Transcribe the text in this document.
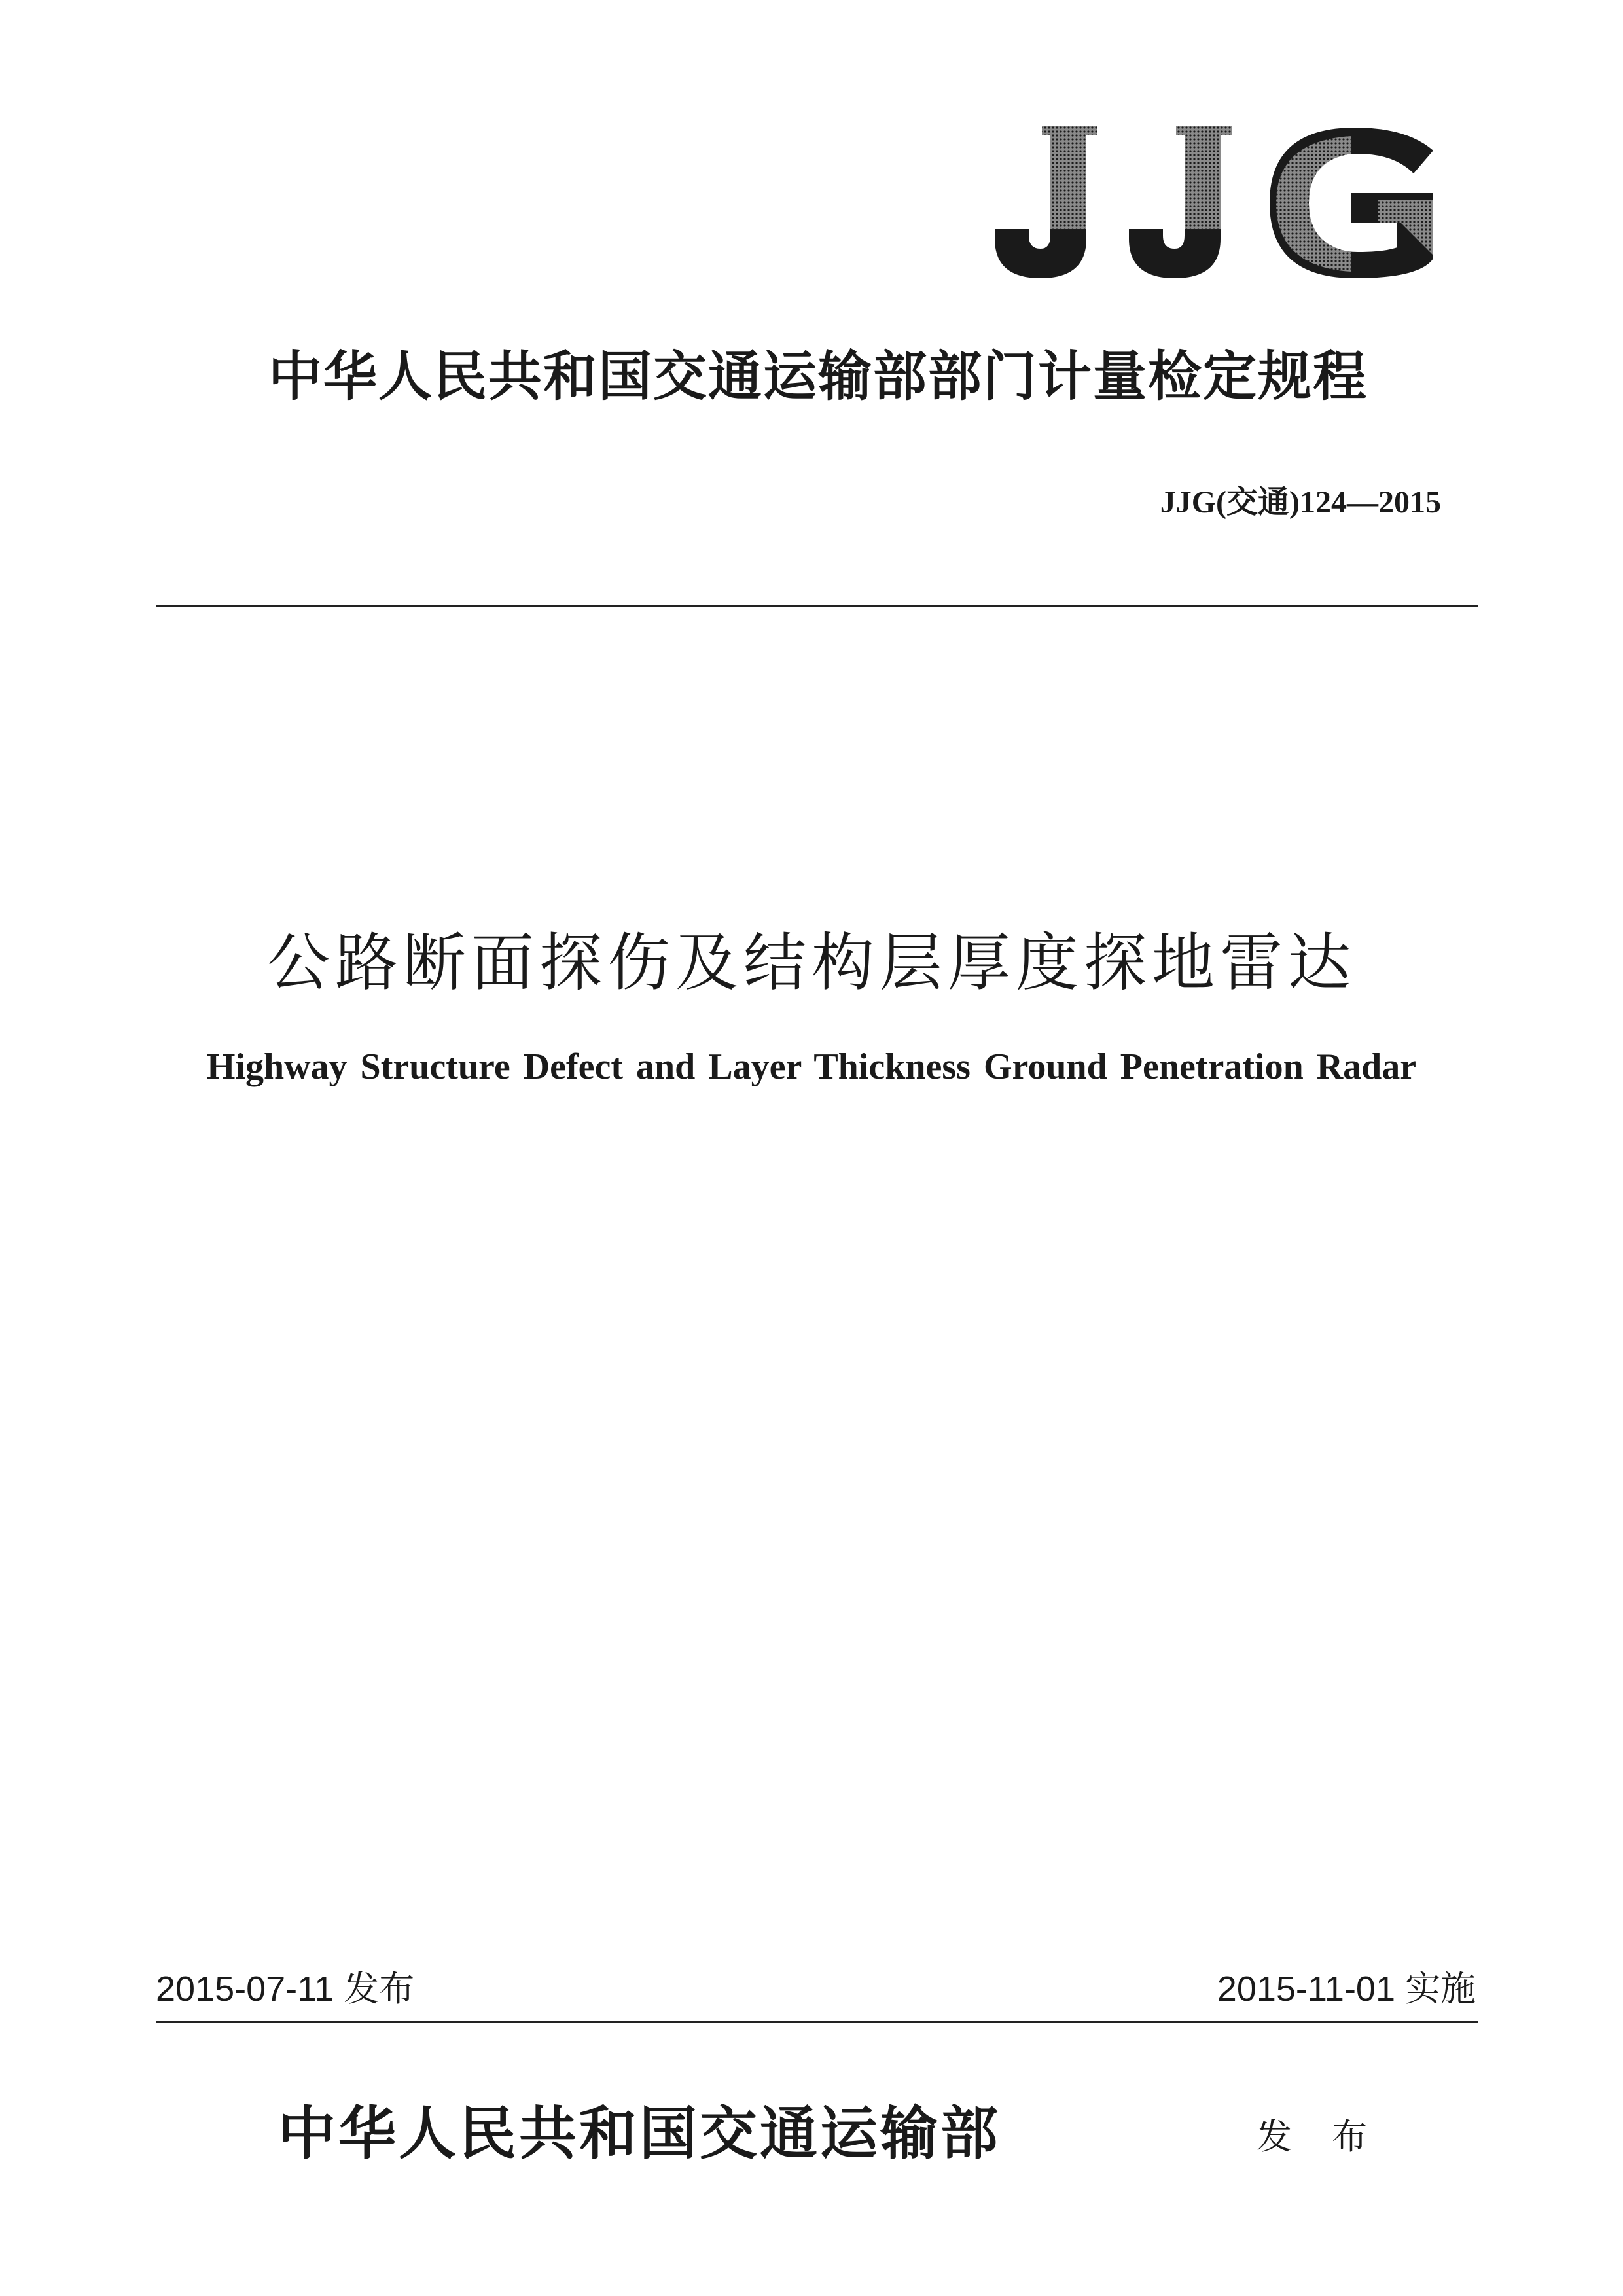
中华人民共和国交通运输部部门计量检定规程
JJG(交通)124—2015
公路断面探伤及结构层厚度探地雷达
Highway Structure Defect and Layer Thickness Ground Penetration Radar
2015-07-11 发布	2015-11-01 实施
中华人民共和国交通运输部	发 布
